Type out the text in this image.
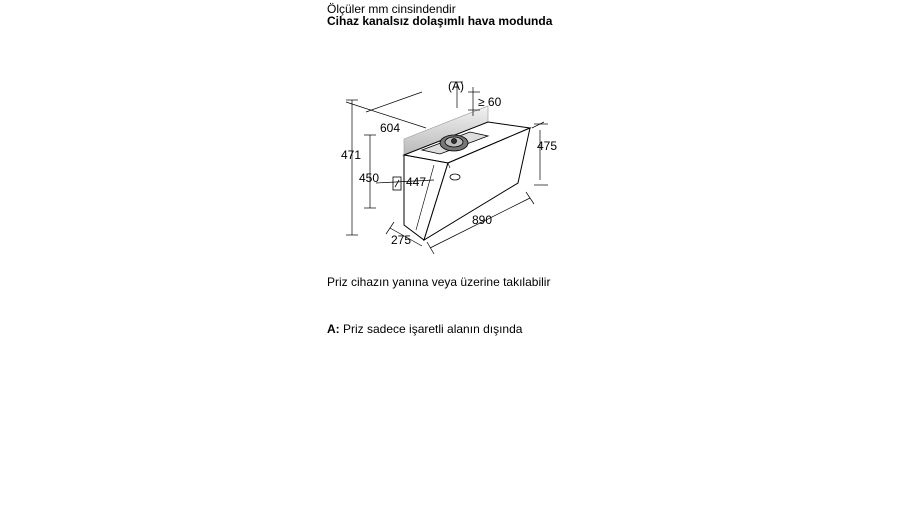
Ölçüler mm cinsindendir
Cihaz kanalsız dolaşımlı hava modunda
(A)
≥ 60
604
471
450 447
275
890
475
Priz cihazın yanına veya üzerine takılabilir
A: Priz sadece işaretli alanın dışında
